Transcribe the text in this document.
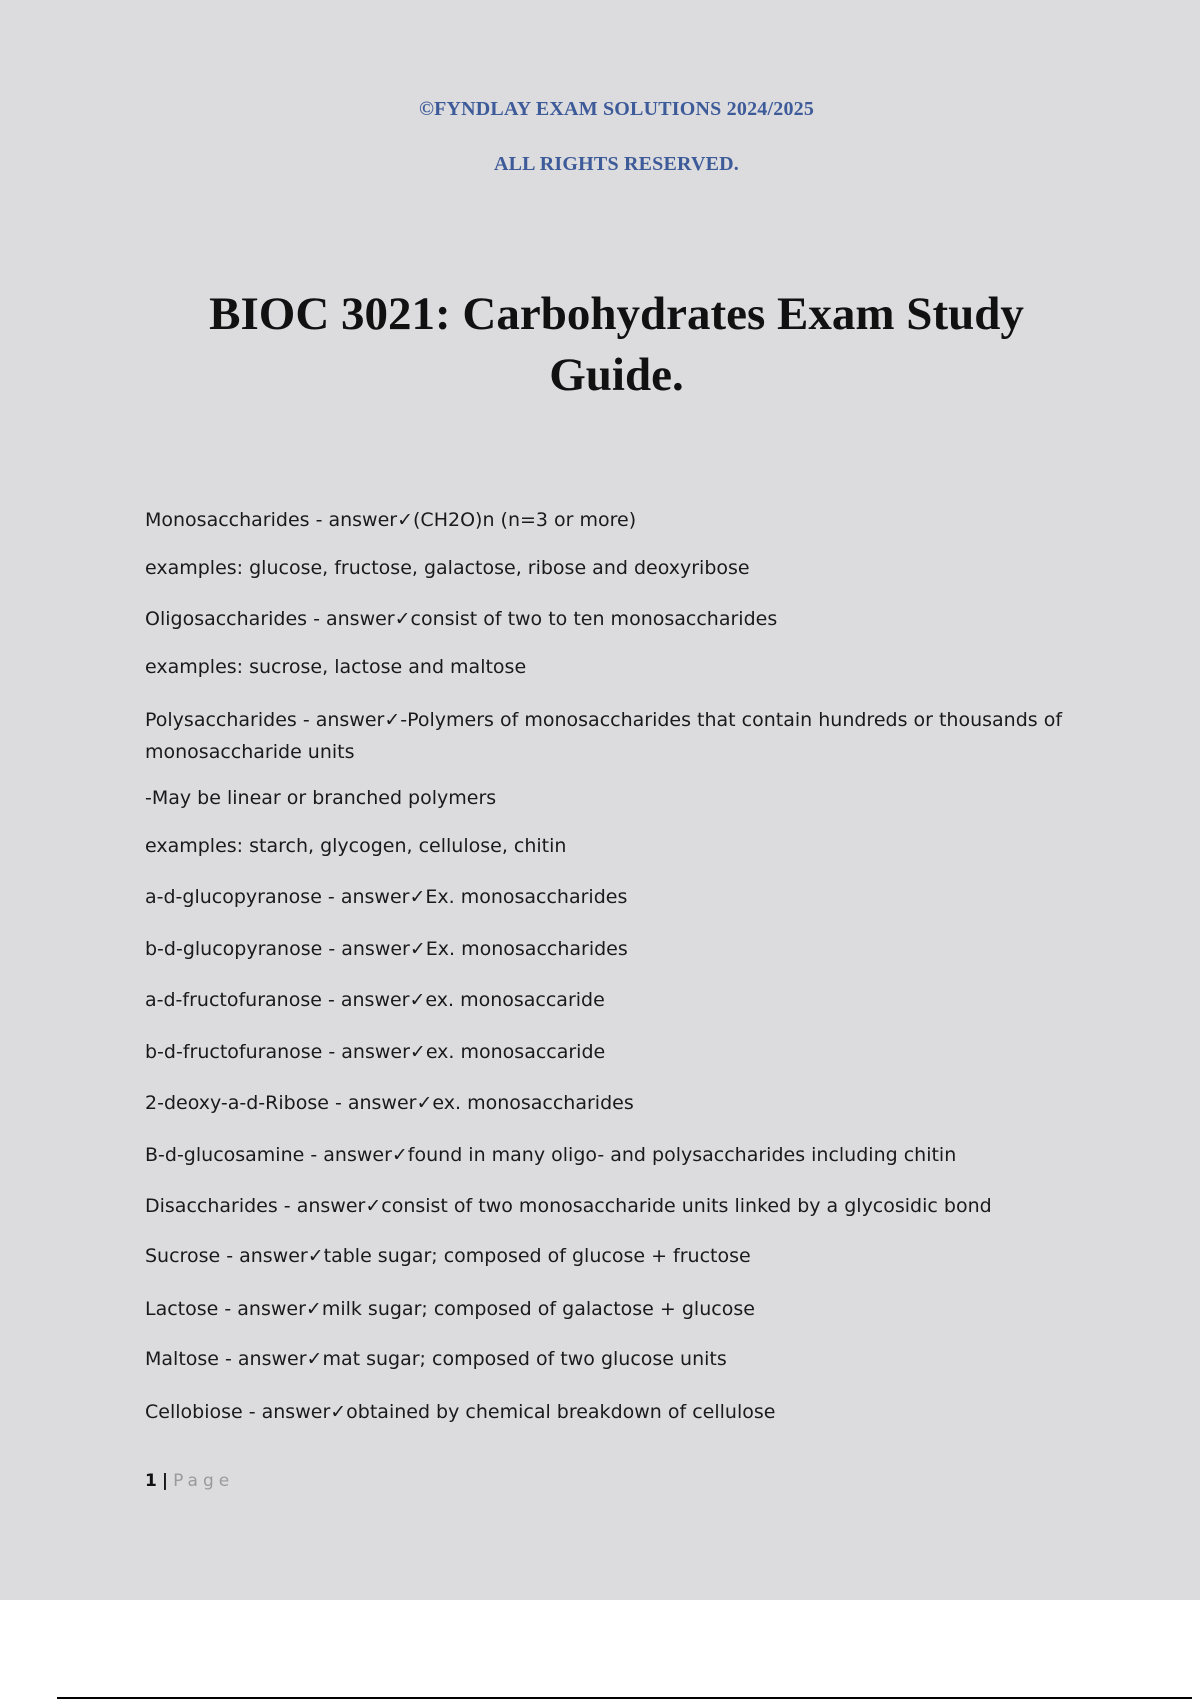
©FYNDLAY EXAM SOLUTIONS 2024/2025
ALL RIGHTS RESERVED.
BIOC 3021: Carbohydrates Exam Study Guide.
Monosaccharides - answer✓(CH2O)n (n=3 or more)
examples: glucose, fructose, galactose, ribose and deoxyribose
Oligosaccharides - answer✓consist of two to ten monosaccharides
examples: sucrose, lactose and maltose
Polysaccharides - answer✓-Polymers of monosaccharides that contain hundreds or thousands of monosaccharide units
-May be linear or branched polymers
examples: starch, glycogen, cellulose, chitin
a-d-glucopyranose - answer✓Ex. monosaccharides
b-d-glucopyranose - answer✓Ex. monosaccharides
a-d-fructofuranose - answer✓ex. monosaccaride
b-d-fructofuranose - answer✓ex. monosaccaride
2-deoxy-a-d-Ribose - answer✓ex. monosaccharides
B-d-glucosamine - answer✓found in many oligo- and polysaccharides including chitin
Disaccharides - answer✓consist of two monosaccharide units linked by a glycosidic bond
Sucrose - answer✓table sugar; composed of glucose + fructose
Lactose - answer✓milk sugar; composed of galactose + glucose
Maltose - answer✓mat sugar; composed of two glucose units
Cellobiose - answer✓obtained by chemical breakdown of cellulose
1 | Page
